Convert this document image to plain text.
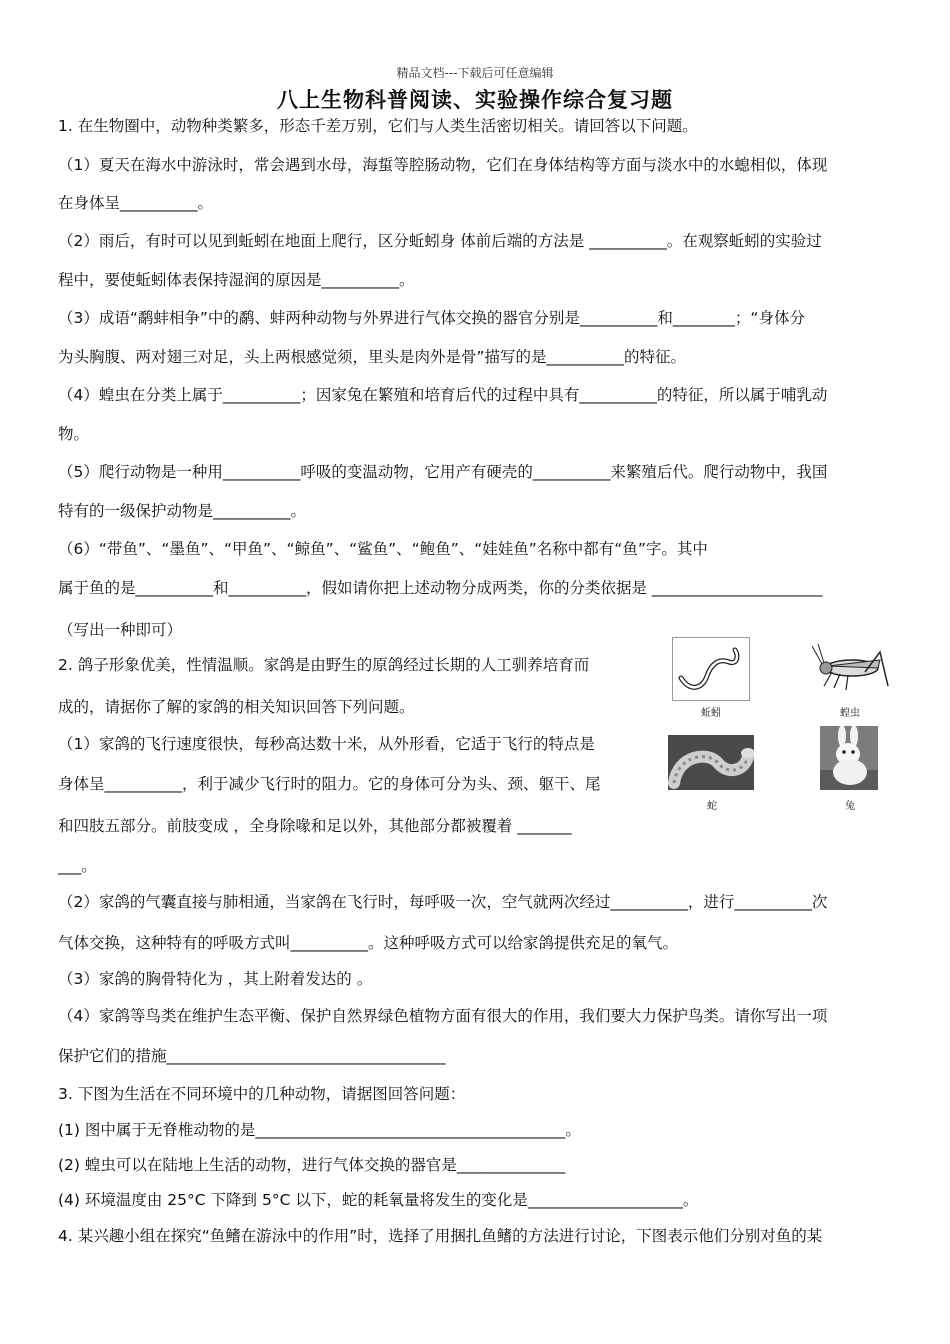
精品文档---下载后可任意编辑
八上生物科普阅读、实验操作综合复习题
1. 在生物圈中，动物种类繁多，形态千差万别，它们与人类生活密切相关。请回答以下问题。
（1）夏天在海水中游泳时，常会遇到水母，海蜇等腔肠动物，它们在身体结构等方面与淡水中的水螅相似，体现
在身体呈__________。
（2）雨后，有时可以见到蚯蚓在地面上爬行，区分蚯蚓身 体前后端的方法是 __________。在观察蚯蚓的实验过
程中，要使蚯蚓体表保持湿润的原因是__________。
（3）成语“鹬蚌相争”中的鹬、蚌两种动物与外界进行气体交换的器官分别是__________和________；“身体分
为头胸腹、两对翅三对足，头上两根感觉须，里头是肉外是骨”描写的是__________的特征。
（4）蝗虫在分类上属于__________；因家兔在繁殖和培育后代的过程中具有__________的特征，所以属于哺乳动
物。
（5）爬行动物是一种用__________呼吸的变温动物，它用产有硬壳的__________来繁殖后代。爬行动物中，我国
特有的一级保护动物是__________。
（6）“带鱼”、“墨鱼”、“甲鱼”、“鲸鱼”、“鲨鱼”、“鲍鱼”、“娃娃鱼”名称中都有“鱼”字。其中
属于鱼的是__________和__________，假如请你把上述动物分成两类，你的分类依据是 ______________________
（写出一种即可）
2. 鸽子形象优美，性情温顺。家鸽是由野生的原鸽经过长期的人工驯养培育而
成的，请据你了解的家鸽的相关知识回答下列问题。
（1）家鸽的飞行速度很快，每秒高达数十米，从外形看，它适于飞行的特点是
身体呈__________，利于减少飞行时的阻力。它的身体可分为头、颈、躯干、尾
和四肢五部分。前肢变成 ，全身除喙和足以外，其他部分都被覆着 _______
___。
（2）家鸽的气囊直接与肺相通，当家鸽在飞行时，每呼吸一次，空气就两次经过__________，进行__________次
气体交换，这种特有的呼吸方式叫__________。这种呼吸方式可以给家鸽提供充足的氧气。
（3）家鸽的胸骨特化为 ，其上附着发达的 。
（4）家鸽等鸟类在维护生态平衡、保护自然界绿色植物方面有很大的作用，我们要大力保护鸟类。请你写出一项
保护它们的措施____________________________________
3. 下图为生活在不同环境中的几种动物，请据图回答问题：
(1) 图中属于无脊椎动物的是________________________________________。
(2) 蝗虫可以在陆地上生活的动物，进行气体交换的器官是______________
(4) 环境温度由 25°C 下降到 5°C 以下，蛇的耗氧量将发生的变化是____________________。
4. 某兴趣小组在探究“鱼鳍在游泳中的作用”时，选择了用捆扎鱼鳍的方法进行讨论，下图表示他们分别对鱼的某
蚯蚓	蝗虫
蛇	兔
